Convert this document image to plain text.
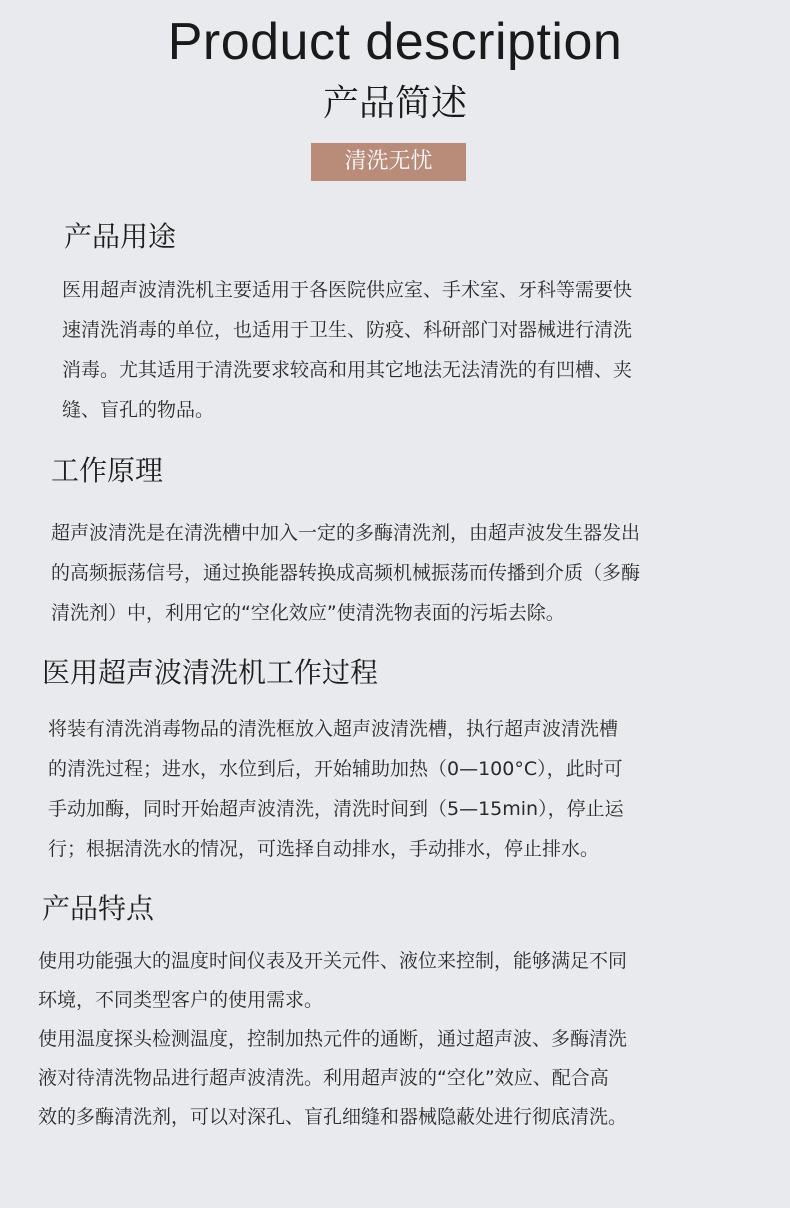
Product description
产品简述
清洗无忧
产品用途
医用超声波清洗机主要适用于各医院供应室、手术室、牙科等需要快
速清洗消毒的单位，也适用于卫生、防疫、科研部门对器械进行清洗
消毒。尤其适用于清洗要求较高和用其它地法无法清洗的有凹槽、夹
缝、盲孔的物品。
工作原理
超声波清洗是在清洗槽中加入一定的多酶清洗剂，由超声波发生器发出
的高频振荡信号，通过换能器转换成高频机械振荡而传播到介质（多酶
清洗剂）中，利用它的“空化效应”使清洗物表面的污垢去除。
医用超声波清洗机工作过程
将装有清洗消毒物品的清洗框放入超声波清洗槽，执行超声波清洗槽
的清洗过程；进水，水位到后，开始辅助加热（0—100°C），此时可
手动加酶，同时开始超声波清洗，清洗时间到（5—15min），停止运
行；根据清洗水的情况，可选择自动排水，手动排水，停止排水。
产品特点
使用功能强大的温度时间仪表及开关元件、液位来控制，能够满足不同
环境，不同类型客户的使用需求。
使用温度探头检测温度，控制加热元件的通断，通过超声波、多酶清洗
液对待清洗物品进行超声波清洗。利用超声波的“空化”效应、配合高
效的多酶清洗剂，可以对深孔、盲孔细缝和器械隐蔽处进行彻底清洗。
